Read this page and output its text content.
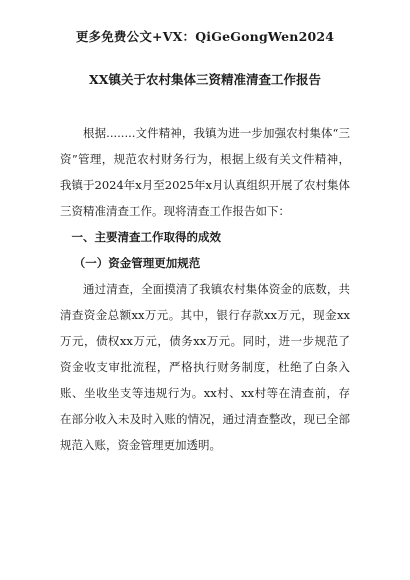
更多免费公文+VX：QiGeGongWen2024
XX镇关于农村集体三资精准清查工作报告

根据........文件精神，我镇为进一步加强农村集体“三资”管理，规范农村财务行为，根据上级有关文件精神，我镇于2024年x月至2025年x月认真组织开展了农村集体三资精准清查工作。现将清查工作报告如下：

一、主要清查工作取得的成效

（一）资金管理更加规范

通过清查，全面摸清了我镇农村集体资金的底数，共清查资金总额xx万元。其中，银行存款xx万元，现金xx万元，债权xx万元，债务xx万元。同时，进一步规范了资金收支审批流程，严格执行财务制度，杜绝了白条入账、坐收坐支等违规行为。xx村、xx村等在清查前，存在部分收入未及时入账的情况，通过清查整改，现已全部规范入账，资金管理更加透明。
